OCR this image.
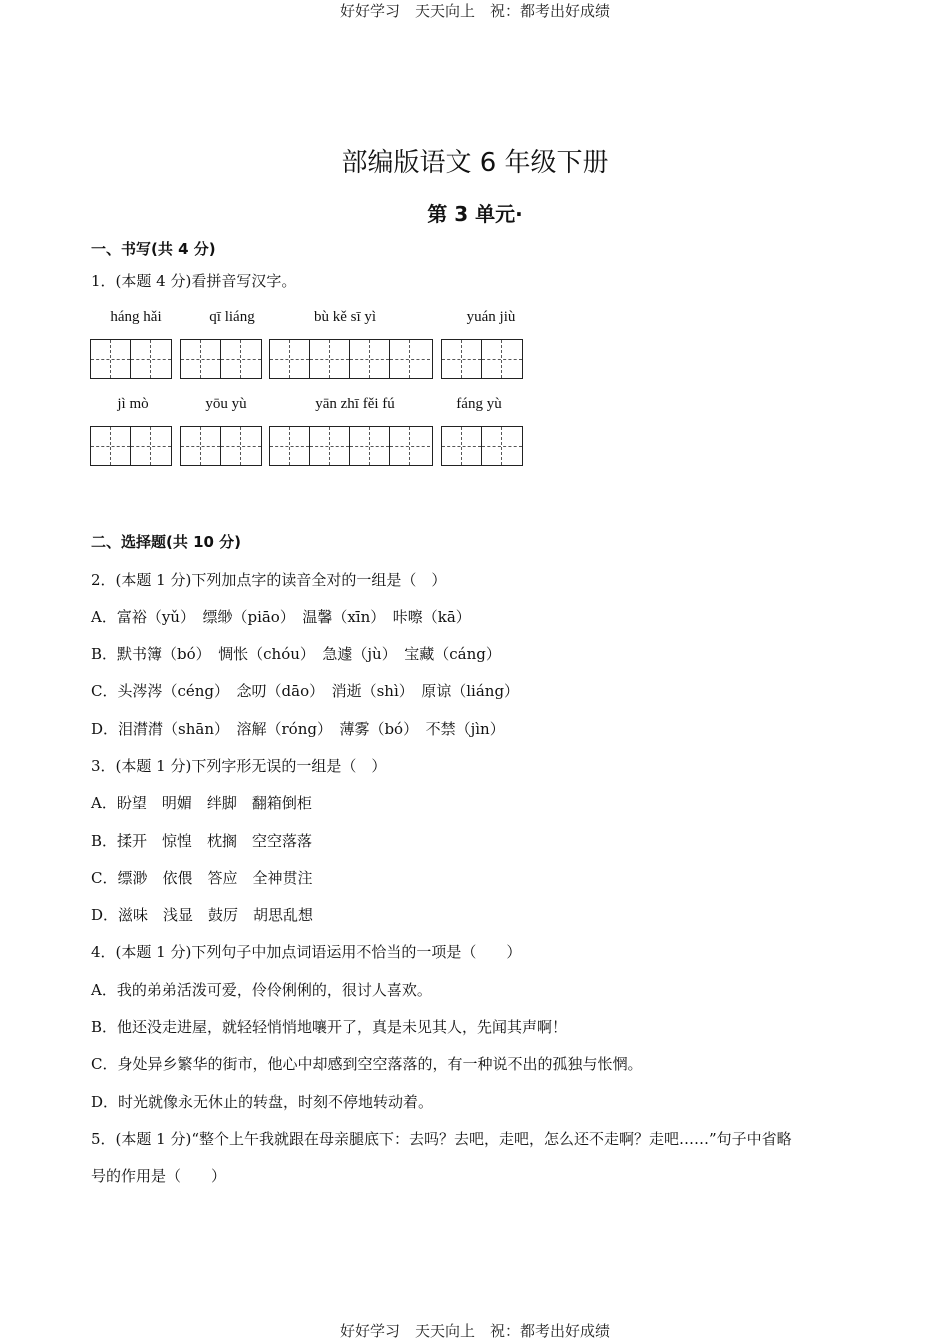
好好学习　天天向上　祝：都考出好成绩
部编版语文 6 年级下册
第 3 单元·
一、书写(共 4 分)
1．(本题 4 分)看拼音写汉字。
háng hǎi	qī liáng	bù kě sī yì	yuán jiù
jì mò	yōu yù	yān zhī fěi fú	fáng yù
二、选择题(共 10 分)
2．(本题 1 分)下列加点字的读音全对的一组是（　）
A．富裕（yǔ）　缥缈（piāo）　温馨（xīn）　咔嚓（kā）
B．默书簿（bó）　惆怅（chóu）　急遽（jù）　宝藏（cáng）
C．头涔涔（céng）　念叨（dāo）　消逝（shì）　原谅（liáng）
D．泪潸潸（shān）　溶解（róng）　薄雾（bó）　不禁（jìn）
3．(本题 1 分)下列字形无误的一组是（　）
A．盼望　明媚　绊脚　翻箱倒柜
B．揉开　惊惶　枕搁　空空落落
C．缥渺　依偎　答应　全神贯注
D．滋味　浅显　鼓厉　胡思乱想
4．(本题 1 分)下列句子中加点词语运用不恰当的一项是（　　）
A．我的弟弟活泼可爱，伶伶俐俐的，很讨人喜欢。
B．他还没走进屋，就轻轻悄悄地嚷开了，真是未见其人，先闻其声啊！
C．身处异乡繁华的街市，他心中却感到空空落落的，有一种说不出的孤独与怅惘。
D．时光就像永无休止的转盘，时刻不停地转动着。
5．(本题 1 分)“整个上午我就跟在母亲腿底下：去吗？去吧，走吧，怎么还不走啊？走吧……”句子中省略
号的作用是（　　）
好好学习　天天向上　祝：都考出好成绩
